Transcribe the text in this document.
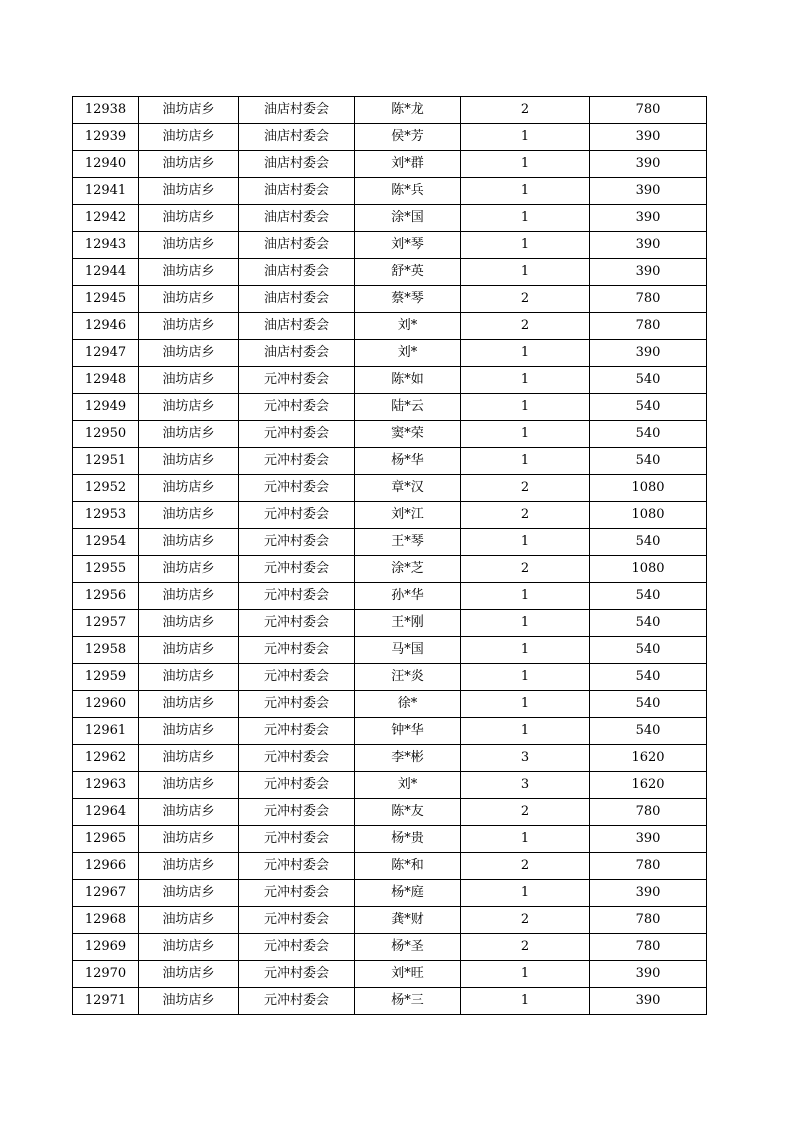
12938	油坊店乡	油店村委会	陈*龙	2	780
12939	油坊店乡	油店村委会	侯*芳	1	390
12940	油坊店乡	油店村委会	刘*群	1	390
12941	油坊店乡	油店村委会	陈*兵	1	390
12942	油坊店乡	油店村委会	涂*国	1	390
12943	油坊店乡	油店村委会	刘*琴	1	390
12944	油坊店乡	油店村委会	舒*英	1	390
12945	油坊店乡	油店村委会	蔡*琴	2	780
12946	油坊店乡	油店村委会	刘*	2	780
12947	油坊店乡	油店村委会	刘*	1	390
12948	油坊店乡	元冲村委会	陈*如	1	540
12949	油坊店乡	元冲村委会	陆*云	1	540
12950	油坊店乡	元冲村委会	窦*荣	1	540
12951	油坊店乡	元冲村委会	杨*华	1	540
12952	油坊店乡	元冲村委会	章*汉	2	1080
12953	油坊店乡	元冲村委会	刘*江	2	1080
12954	油坊店乡	元冲村委会	王*琴	1	540
12955	油坊店乡	元冲村委会	涂*芝	2	1080
12956	油坊店乡	元冲村委会	孙*华	1	540
12957	油坊店乡	元冲村委会	王*刚	1	540
12958	油坊店乡	元冲村委会	马*国	1	540
12959	油坊店乡	元冲村委会	汪*炎	1	540
12960	油坊店乡	元冲村委会	徐*	1	540
12961	油坊店乡	元冲村委会	钟*华	1	540
12962	油坊店乡	元冲村委会	李*彬	3	1620
12963	油坊店乡	元冲村委会	刘*	3	1620
12964	油坊店乡	元冲村委会	陈*友	2	780
12965	油坊店乡	元冲村委会	杨*贵	1	390
12966	油坊店乡	元冲村委会	陈*和	2	780
12967	油坊店乡	元冲村委会	杨*庭	1	390
12968	油坊店乡	元冲村委会	龚*财	2	780
12969	油坊店乡	元冲村委会	杨*圣	2	780
12970	油坊店乡	元冲村委会	刘*旺	1	390
12971	油坊店乡	元冲村委会	杨*三	1	390
